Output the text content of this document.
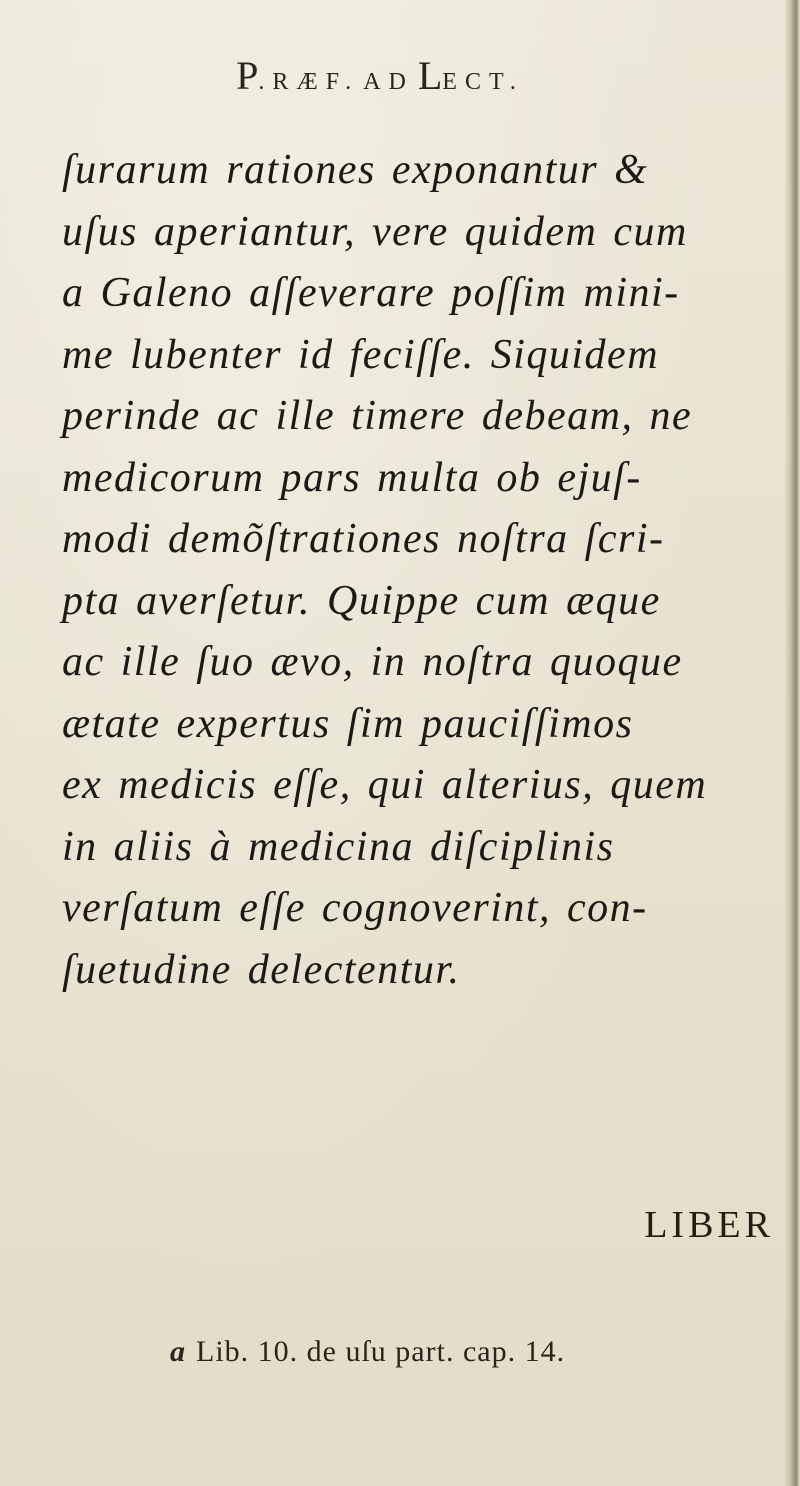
P.RÆF. AD LECT.
ſurarum rationes exponantur &
uſus aperiantur, vere quidem cum
a Galeno aſſeverare poſſim mini-
me lubenter id feciſſe. Siquidem
perinde ac ille timere debeam, ne
medicorum pars multa ob ejuſ-
modi demõſtrationes noſtra ſcri-
pta averſetur. Quippe cum æque
ac ille ſuo ævo, in noſtra quoque
ætate expertus ſim pauciſſimos
ex medicis eſſe, qui alterius, quem
in aliis à medicina diſciplinis
verſatum eſſe cognoverint, con-
ſuetudine delectentur.
LIBER
a Lib. 10. de uſu part. cap. 14.
